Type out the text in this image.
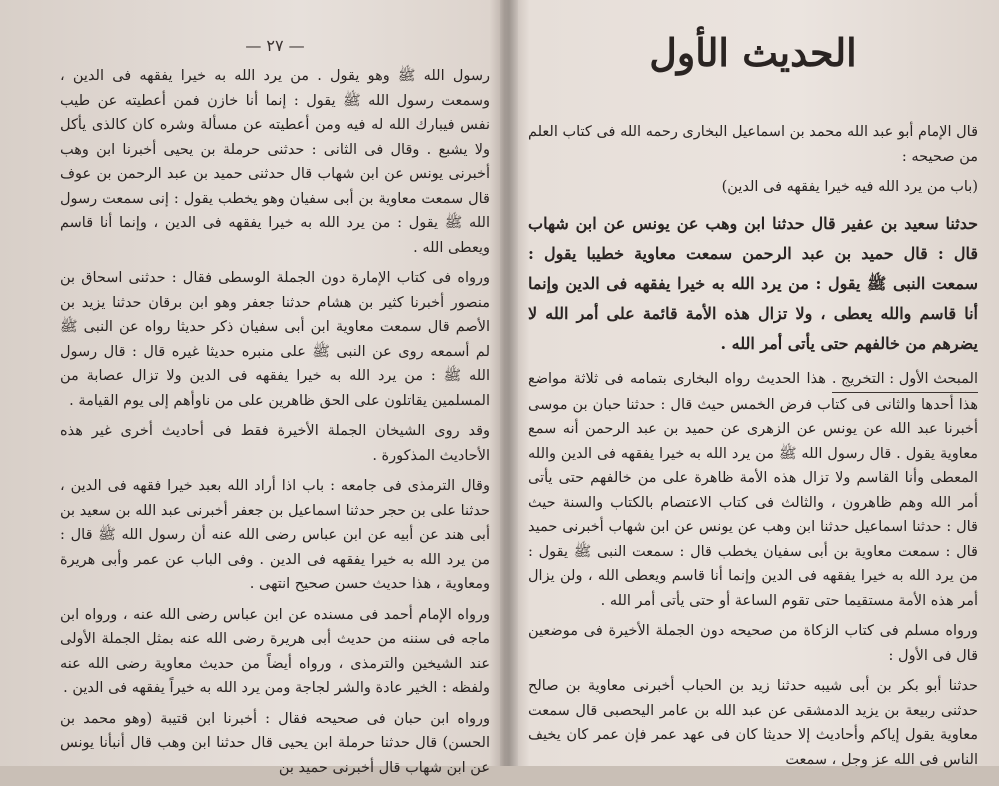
— ٢٧ —

رسول الله ﷺ وهو يقول . من يرد الله به خيرا يفقهه فى الدين ، وسمعت رسول الله ﷺ يقول : إنما أنا خازن فمن أعطيته عن طيب نفس فيبارك الله له فيه ومن أعطيته عن مسألة وشره كان كالذى يأكل ولا يشبع . وقال فى الثانى : حدثنى حرملة بن يحيى أخبرنا ابن وهب أخبرنى يونس عن ابن شهاب قال حدثنى حميد بن عبد الرحمن بن عوف قال سمعت معاوية بن أبى سفيان وهو يخطب يقول : إنى سمعت رسول الله ﷺ يقول : من يرد الله به خيرا يفقهه فى الدين ، وإنما أنا قاسم ويعطى الله .

ورواه فى كتاب الإمارة دون الجملة الوسطى فقال : حدثنى اسحاق بن منصور أخبرنا كثير بن هشام حدثنا جعفر وهو ابن برقان حدثنا يزيد بن الأصم قال سمعت معاوية ابن أبى سفيان ذكر حديثا رواه عن النبى ﷺ لم أسمعه روى عن النبى ﷺ على منبره حديثا غيره قال : قال رسول الله ﷺ : من يرد الله به خيرا يفقهه فى الدين ولا تزال عصابة من المسلمين يقاتلون على الحق ظاهرين على من ناوأهم إلى يوم القيامة .

وقد روى الشيخان الجملة الأخيرة فقط فى أحاديث أخرى غير هذه الأحاديث المذكورة .

وقال الترمذى فى جامعه : باب اذا أراد الله بعبد خيرا فقهه فى الدين ، حدثنا على بن حجر حدثنا اسماعيل بن جعفر أخبرنى عبد الله بن سعيد بن أبى هند عن أبيه عن ابن عباس رضى الله عنه أن رسول الله ﷺ قال : من يرد الله به خيرا يفقهه فى الدين . وفى الباب عن عمر وأبى هريرة ومعاوية ، هذا حديث حسن صحيح انتهى .

ورواه الإمام أحمد فى مسنده عن ابن عباس رضى الله عنه ، ورواه ابن ماجه فى سننه من حديث أبى هريرة رضى الله عنه بمثل الجملة الأولى عند الشيخين والترمذى ، ورواه أيضاً من حديث معاوية رضى الله عنه ولفظه : الخير عادة والشر لجاجة ومن يرد الله به خيراً يفقهه فى الدين .

ورواه ابن حبان فى صحيحه فقال : أخبرنا ابن قتيبة (وهو محمد بن الحسن) قال حدثنا حرملة ابن يحيى قال حدثنا ابن وهب قال أنبأنا يونس عن ابن شهاب قال أخبرنى حميد بن

الحديث الأول

قال الإمام أبو عبد الله محمد بن اسماعيل البخارى رحمه الله فى كتاب العلم من صحيحه :

(باب من يرد الله فيه خيرا يفقهه فى الدين)

حدثنا سعيد بن عفير قال حدثنا ابن وهب عن يونس عن ابن شهاب قال : قال حميد بن عبد الرحمن سمعت معاوية خطيبا يقول : سمعت النبى ﷺ يقول : من يرد الله به خيرا يفقهه فى الدين وإنما أنا قاسم والله يعطى ، ولا تزال هذه الأمة قائمة على أمر الله لا يضرهم من خالفهم حتى يأتى أمر الله .

المبحث الأول : التخريج .هذا الحديث رواه البخارى بتمامه فى ثلاثة مواضع هذا أحدها والثانى فى كتاب فرض الخمس حيث قال : حدثنا حبان بن موسى أخبرنا عبد الله عن يونس عن الزهرى عن حميد بن عبد الرحمن أنه سمع معاوية يقول . قال رسول الله ﷺ من يرد الله به خيرا يفقهه فى الدين والله المعطى وأنا القاسم ولا تزال هذه الأمة ظاهرة على من خالفهم حتى يأتى أمر الله وهم ظاهرون ، والثالث فى كتاب الاعتصام بالكتاب والسنة حيث قال : حدثنا اسماعيل حدثنا ابن وهب عن يونس عن ابن شهاب أخبرنى حميد قال : سمعت معاوية بن أبى سفيان يخطب قال : سمعت النبى ﷺ يقول : من يرد الله به خيرا يفقهه فى الدين وإنما أنا قاسم ويعطى الله ، ولن يزال أمر هذه الأمة مستقيما حتى تقوم الساعة أو حتى يأتى أمر الله .

ورواه مسلم فى كتاب الزكاة من صحيحه دون الجملة الأخيرة فى موضعين قال فى الأول :

حدثنا أبو بكر بن أبى شيبه حدثنا زيد بن الحباب أخبرنى معاوية بن صالح حدثنى ربيعة بن يزيد الدمشقى عن عبد الله بن عامر اليحصبى قال سمعت معاوية يقول إياكم وأحاديث إلا حديثا كان فى عهد عمر فإن عمر كان يخيف الناس فى الله عز وجل ، سمعت
